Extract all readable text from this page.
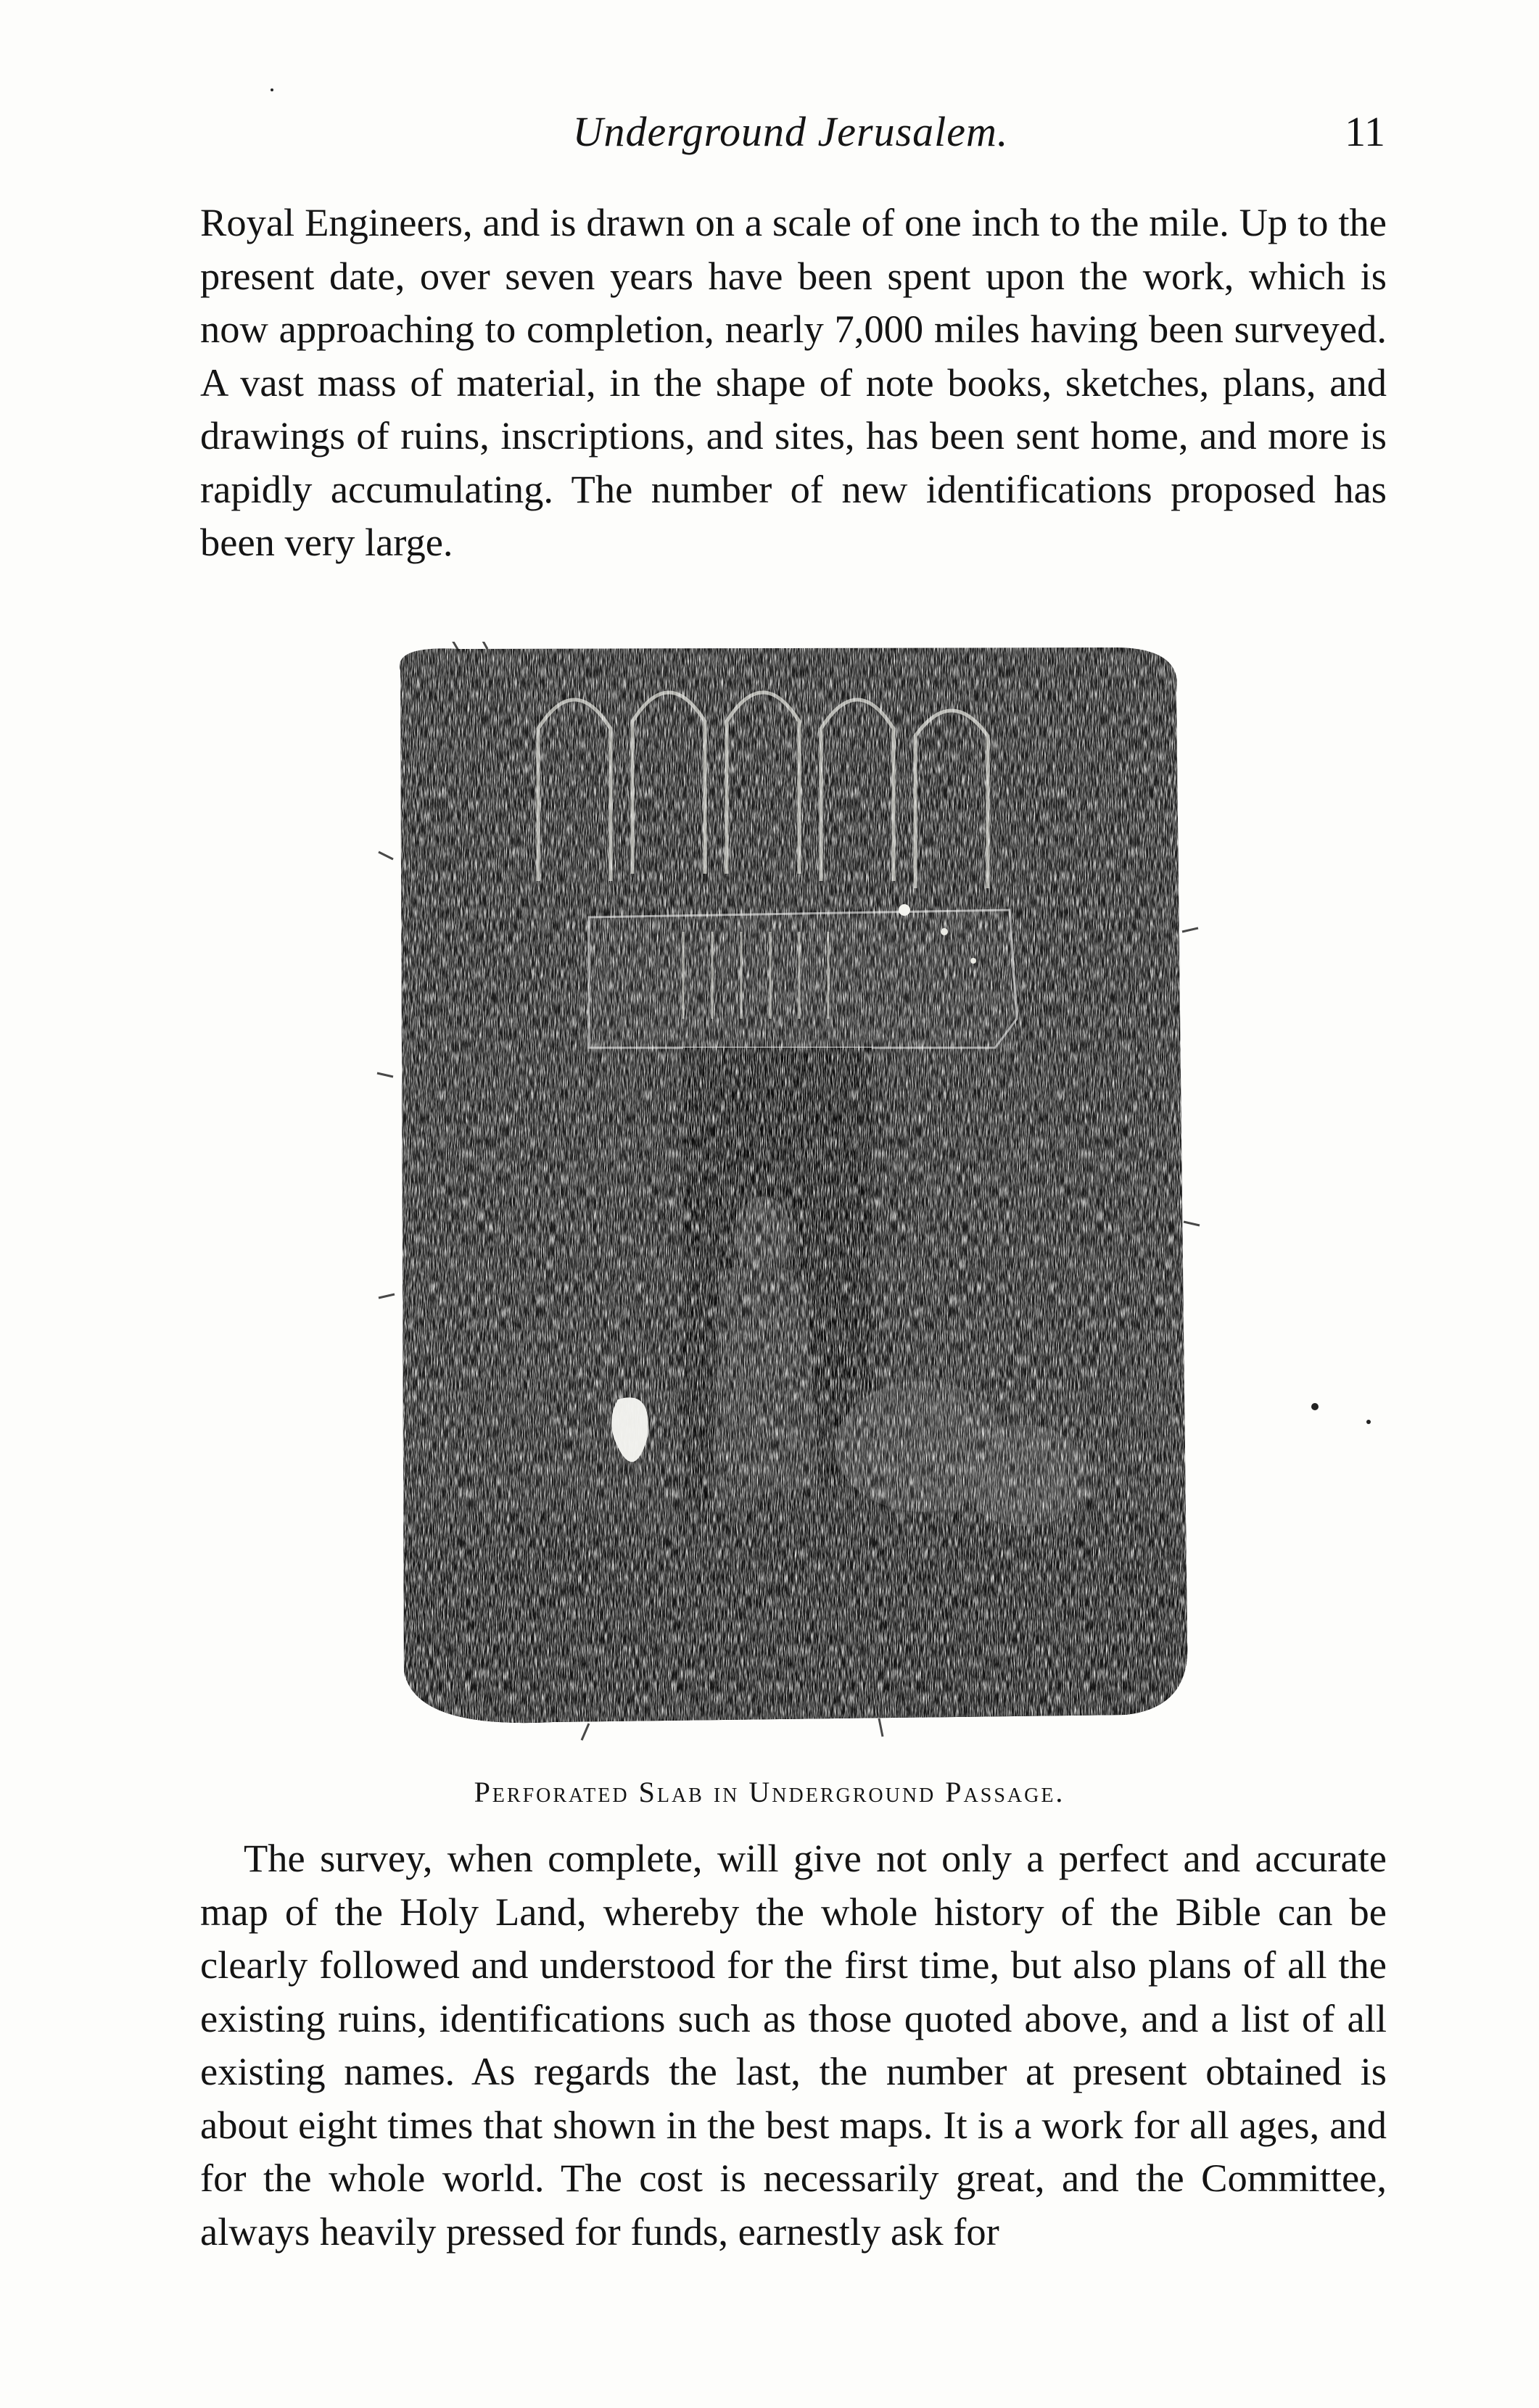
Underground Jerusalem.	11
Royal Engineers, and is drawn on a scale of one inch to the mile. Up to the present date, over seven years have been spent upon the work, which is now approaching to completion, nearly 7,000 miles having been surveyed. A vast mass of material, in the shape of note books, sketches, plans, and drawings of ruins, inscriptions, and sites, has been sent home, and more is rapidly accumulating. The number of new identifications proposed has been very large.
Perforated Slab in Underground Passage.
The survey, when complete, will give not only a perfect and accurate map of the Holy Land, whereby the whole history of the Bible can be clearly followed and understood for the first time, but also plans of all the existing ruins, identifications such as those quoted above, and a list of all existing names. As regards the last, the number at present obtained is about eight times that shown in the best maps. It is a work for all ages, and for the whole world. The cost is necessarily great, and the Committee, always heavily pressed for funds, earnestly ask for
